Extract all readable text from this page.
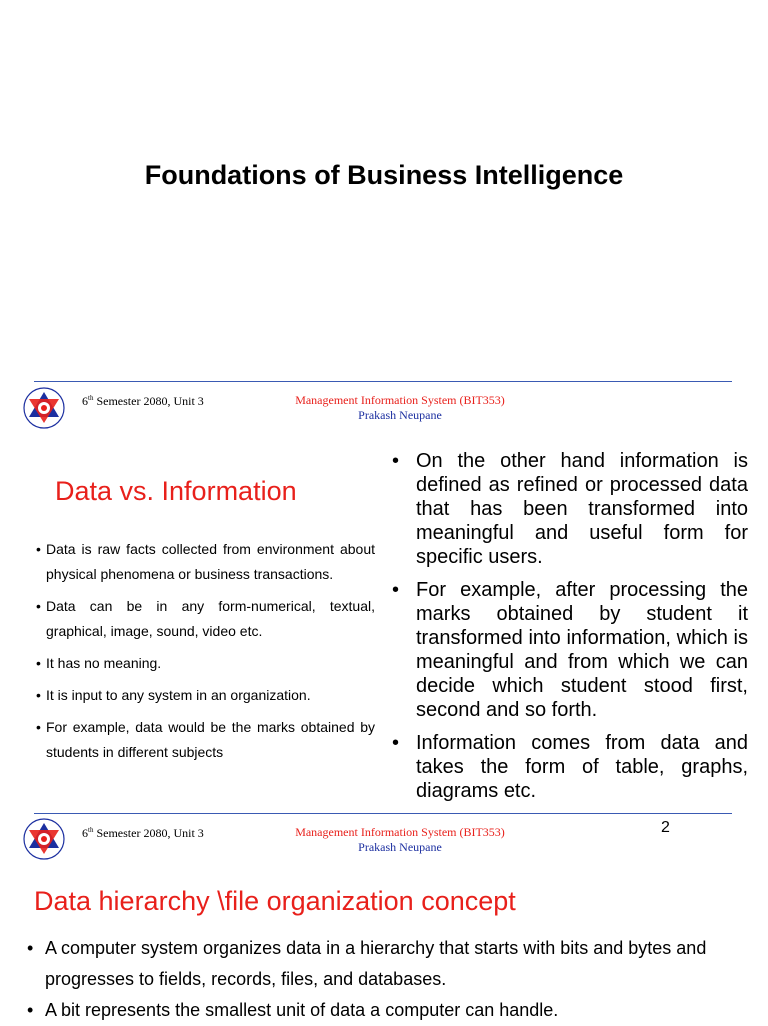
Foundations of Business Intelligence
6th Semester 2080, Unit 3	Management Information System (BIT353)
Prakash Neupane
Data vs. Information
• Data is raw facts collected from environment about physical phenomena or business transactions.
• Data can be in any form-numerical, textual, graphical, image, sound, video etc.
• It has no meaning.
• It is input to any system in an organization.
• For example, data would be the marks obtained by students in different subjects
• On the other hand information is defined as refined or processed data that has been transformed into meaningful and useful form for specific users.
• For example, after processing the marks obtained by student it transformed into information, which is meaningful and from which we can decide which student stood first, second and so forth.
• Information comes from data and takes the form of table, graphs, diagrams etc.
2
6th Semester 2080, Unit 3	Management Information System (BIT353)
Prakash Neupane
Data hierarchy \file organization concept
• A computer system organizes data in a hierarchy that starts with bits and bytes and progresses to fields, records, files, and databases.
• A bit represents the smallest unit of data a computer can handle.
